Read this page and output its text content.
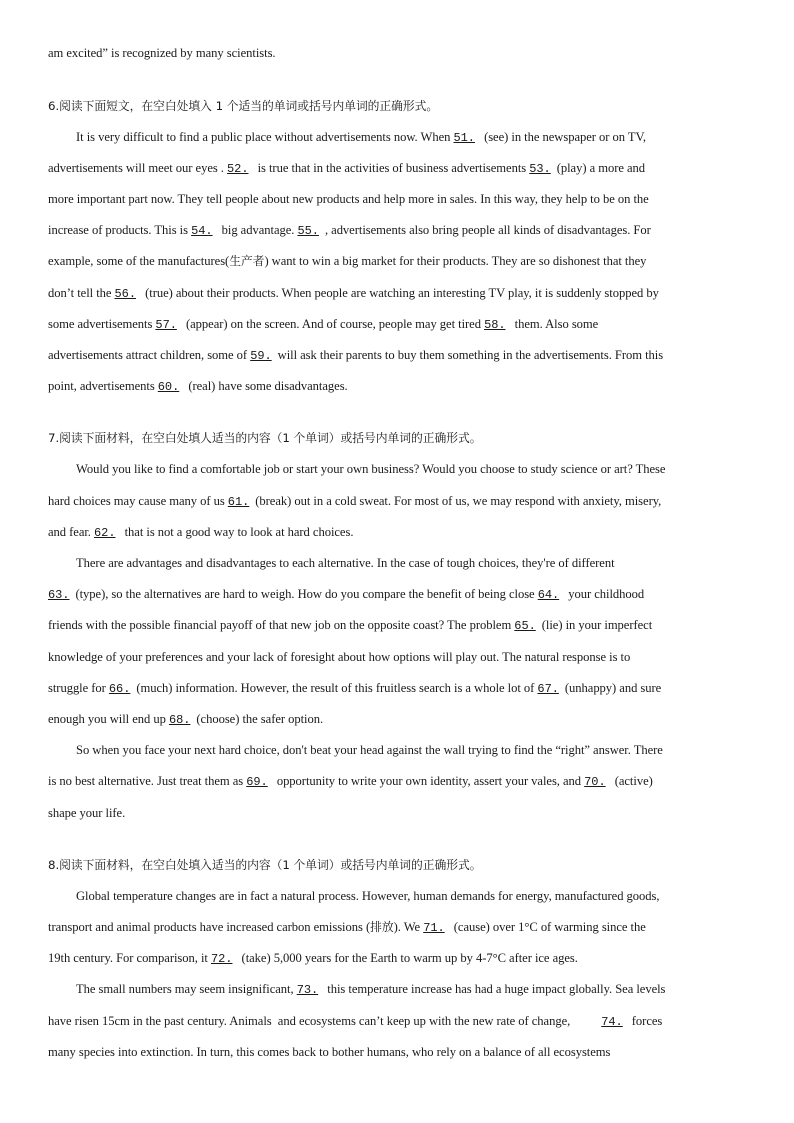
am excited” is recognized by many scientists.
6.阅读下面短文，在空白处填入 1 个适当的单词或括号内单词的正确形式。
It is very difficult to find a public place without advertisements now. When 51. (see) in the newspaper or on TV,
advertisements will meet our eyes . 52. is true that in the activities of business advertisements 53. (play) a more and
more important part now. They tell people about new products and help more in sales. In this way, they help to be on the
increase of products. This is 54. big advantage. 55. , advertisements also bring people all kinds of disadvantages. For
example, some of the manufactures(生产者) want to win a big market for their products. They are so dishonest that they
don’t tell the 56. (true) about their products. When people are watching an interesting TV play, it is suddenly stopped by
some advertisements 57. (appear) on the screen. And of course, people may get tired 58. them. Also some
advertisements attract children, some of 59. will ask their parents to buy them something in the advertisements. From this
point, advertisements 60. (real) have some disadvantages.
7.阅读下面材料，在空白处填人适当的内容（1 个单词）或括号内单词的正确形式。
Would you like to find a comfortable job or start your own business? Would you choose to study science or art? These
hard choices may cause many of us 61. (break) out in a cold sweat. For most of us, we may respond with anxiety, misery,
and fear. 62. that is not a good way to look at hard choices.
There are advantages and disadvantages to each alternative. In the case of tough choices, they're of different
63. (type), so the alternatives are hard to weigh. How do you compare the benefit of being close 64. your childhood
friends with the possible financial payoff of that new job on the opposite coast? The problem 65. (lie) in your imperfect
knowledge of your preferences and your lack of foresight about how options will play out. The natural response is to
struggle for 66. (much) information. However, the result of this fruitless search is a whole lot of 67. (unhappy) and sure
enough you will end up 68. (choose) the safer option.
So when you face your next hard choice, don't beat your head against the wall trying to find the “right” answer. There
is no best alternative. Just treat them as 69. opportunity to write your own identity, assert your vales, and 70. (active)
shape your life.
8.阅读下面材料，在空白处填入适当的内容（1 个单词）或括号内单词的正确形式。
Global temperature changes are in fact a natural process. However, human demands for energy, manufactured goods,
transport and animal products have increased carbon emissions (排放). We 71. (cause) over 1°C of warming since the
19th century. For comparison, it 72. (take) 5,000 years for the Earth to warm up by 4-7°C after ice ages.
The small numbers may seem insignificant, 73. this temperature increase has had a huge impact globally. Sea levels
have risen 15cm in the past century. Animals  and ecosystems can’t keep up with the new rate of change,          74. forces
many species into extinction. In turn, this comes back to bother humans, who rely on a balance of all ecosystems
